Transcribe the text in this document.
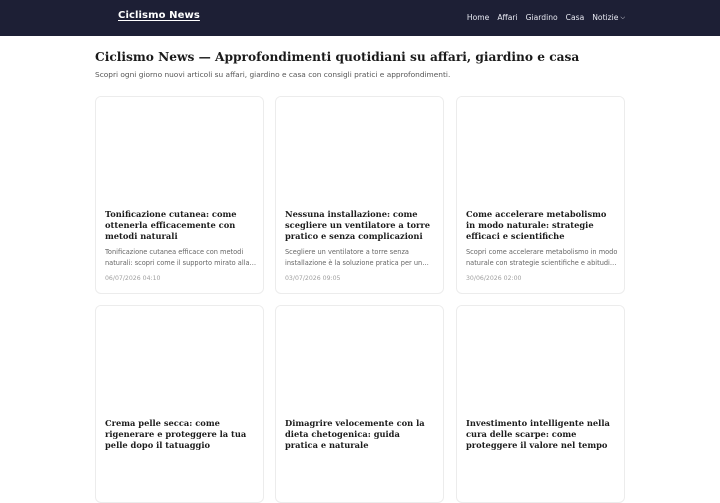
Ciclismo News	Home Affari Giardino Casa Notizie ⌵
Ciclismo News — Approfondimenti quotidiani su affari, giardino e casa

Scopri ogni giorno nuovi articoli su affari, giardino e casa con consigli pratici e approfondimenti.

Tonificazione cutanea: come ottenerla efficacemente con metodi naturali

Tonificazione cutanea efficace con metodi naturali: scopri come il supporto mirato alla

06/07/2026 04:10
Nessuna installazione: come scegliere un ventilatore a torre pratico e senza complicazioni

Scegliere un ventilatore a torre senza installazione è la soluzione pratica per un

03/07/2026 09:05
Come accelerare metabolismo in modo naturale: strategie efficaci e scientifiche

Scopri come accelerare metabolismo in modo naturale con strategie scientifiche e abitudini

30/06/2026 02:00
Crema pelle secca: come rigenerare e proteggere la tua pelle dopo il tatuaggio

Dimagrire velocemente con la dieta chetogenica: guida pratica e naturale

Investimento intelligente nella cura delle scarpe: come proteggere il valore nel tempo
